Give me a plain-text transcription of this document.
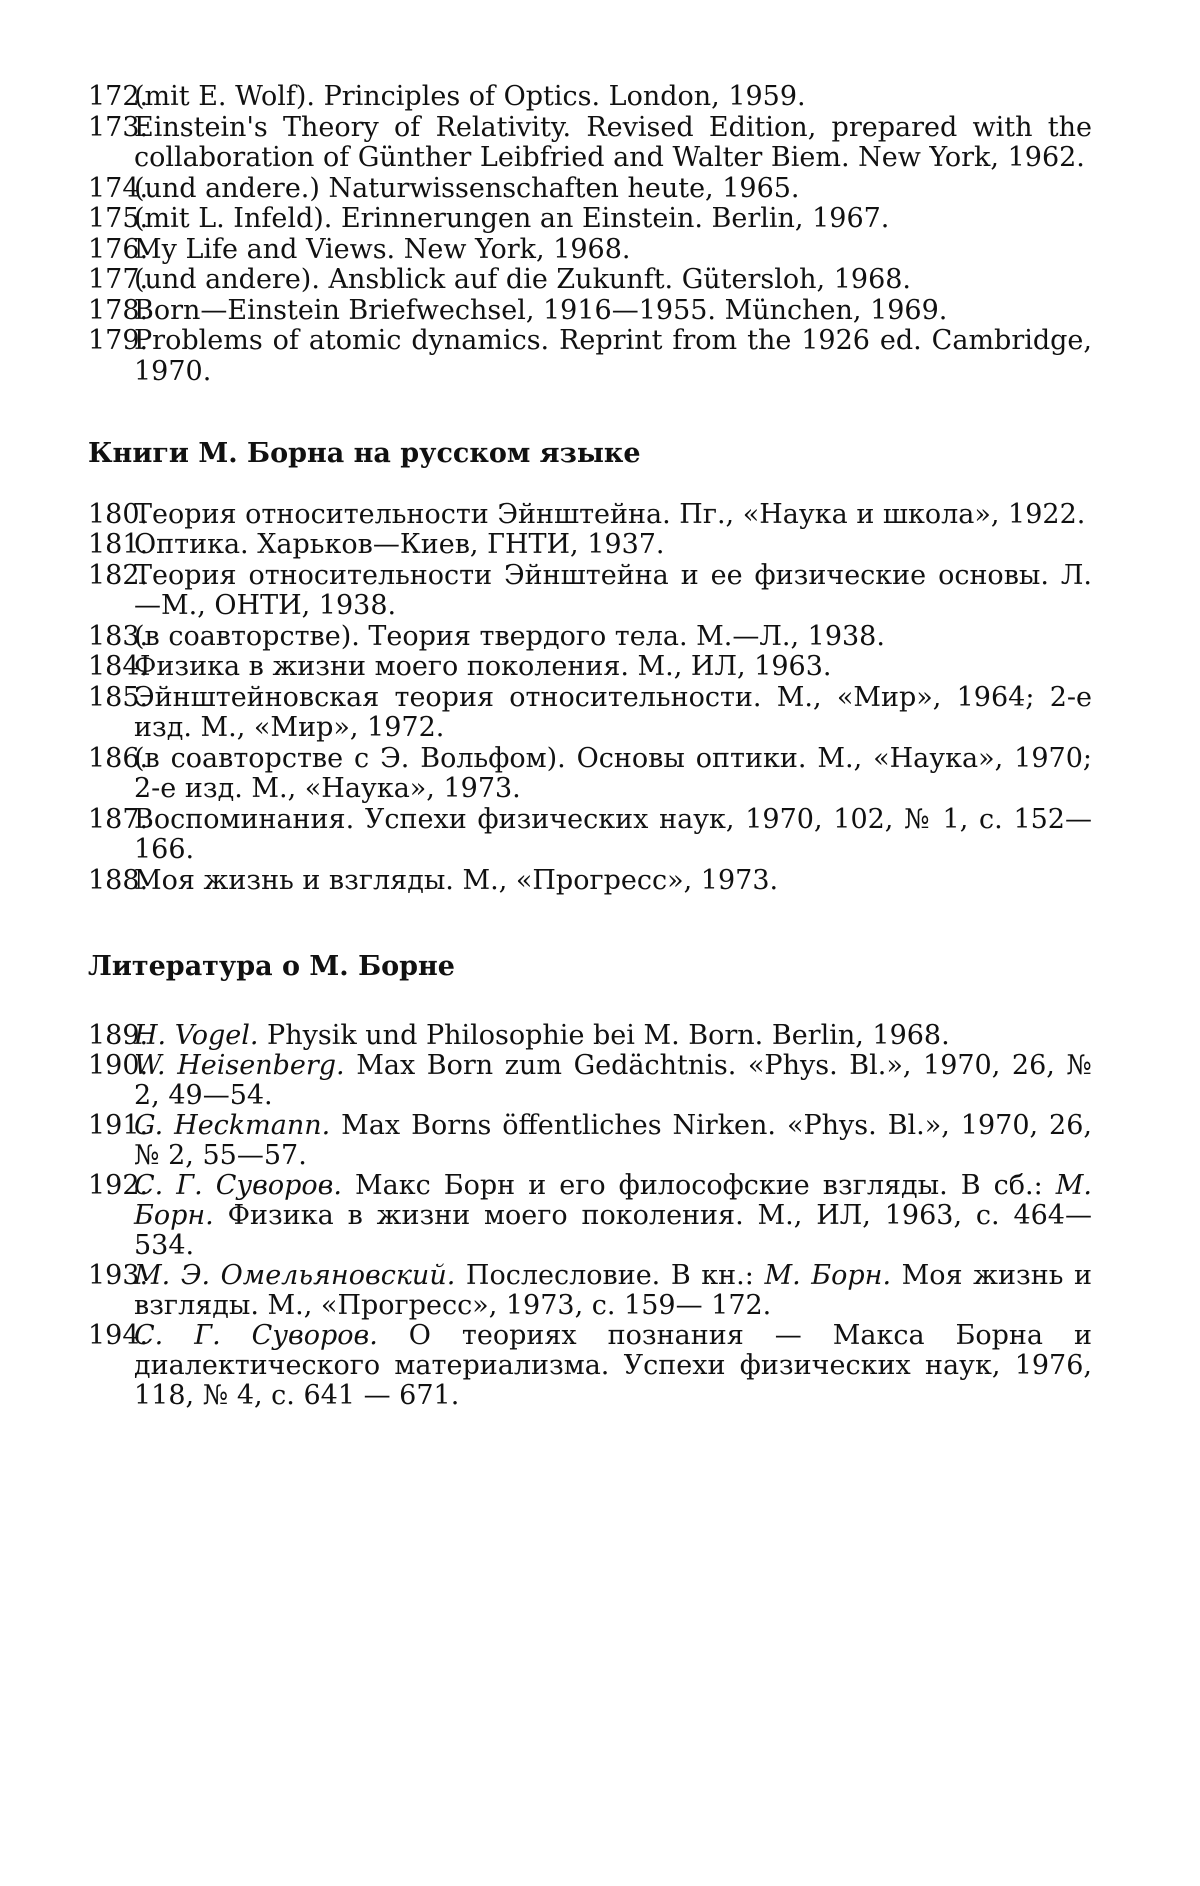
172.(mit E. Wolf). Principles of Optics. London, 1959.
173.Einstein's Theory of Relativity. Revised Edition, prepared with the collaboration of Günther Leibfried and Walter Biem. New York, 1962.
174.(und andere.) Naturwissenschaften heute, 1965.
175.(mit L. Infeld). Erinnerungen an Einstein. Berlin, 1967.
176.My Life and Views. New York, 1968.
177.(und andere). Ansblick auf die Zukunft. Gütersloh, 1968.
178.Born—Einstein Briefwechsel, 1916—1955. München, 1969.
179.Problems of atomic dynamics. Reprint from the 1926 ed. Cambridge, 1970.
Книги М. Борна на русском языке
180.Теория относительности Эйнштейна. Пг., «Наука и школа», 1922.
181.Оптика. Харьков—Киев, ГНТИ, 1937.
182.Теория относительности Эйнштейна и ее физические основы. Л.—М., ОНТИ, 1938.
183.(в соавторстве). Теория твердого тела. М.—Л., 1938.
184.Физика в жизни моего поколения. М., ИЛ, 1963.
185.Эйнштейновская теория относительности. М., «Мир», 1964; 2-е изд. М., «Мир», 1972.
186.(в соавторстве с Э. Вольфом). Основы оптики. М., «Наука», 1970; 2-е изд. М., «Наука», 1973.
187.Воспоминания. Успехи физических наук, 1970, 102, № 1, с. 152—166.
188.Моя жизнь и взгляды. М., «Прогресс», 1973.
Литература о М. Борне
189.Н. Vogel. Physik und Philosophie bei M. Born. Berlin, 1968.
190.W. Heisenberg. Max Born zum Gedächtnis. «Phys. Bl.», 1970, 26, № 2, 49—54.
191.G. Heckmann. Max Borns öffentliches Nirken. «Phys. Bl.», 1970, 26, № 2, 55—57.
192.С. Г. Суворов. Макс Борн и его философские взгляды. В сб.: М. Борн. Физика в жизни моего поколения. М., ИЛ, 1963, с. 464—534.
193.М. Э. Омельяновский. Послесловие. В кн.: М. Борн. Моя жизнь и взгляды. М., «Прогресс», 1973, с. 159— 172.
194.С. Г. Суворов. О теориях познания — Макса Борна и диалектического материализма. Успехи физических наук, 1976, 118, № 4, с. 641 — 671.
